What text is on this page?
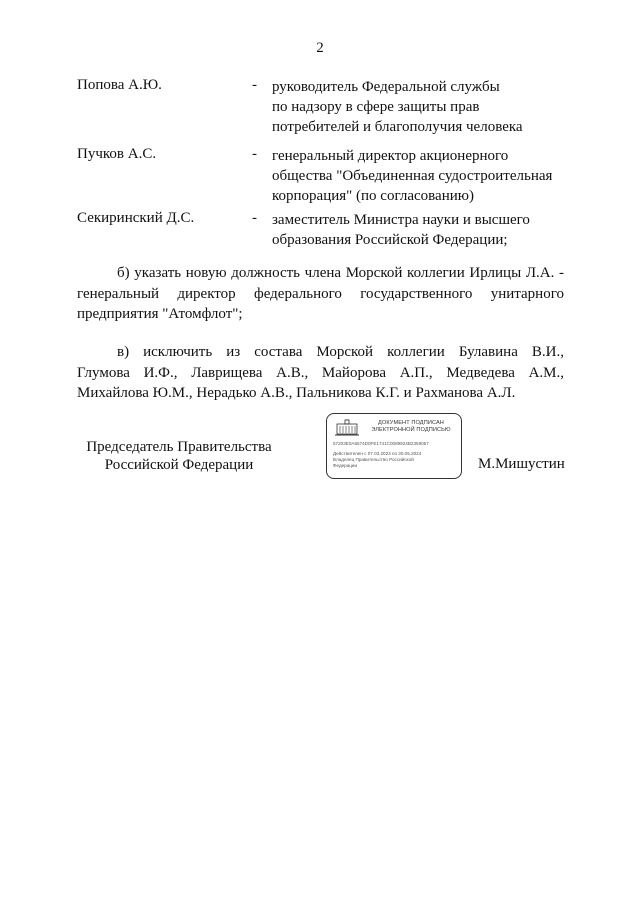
2
Попова А.Ю.	- руководитель Федеральной службы
по надзору в сфере защиты прав
потребителей и благополучия человека
Пучков А.С.	- генеральный директор акционерного
общества "Объединенная судостроительная
корпорация" (по согласованию)
Секиринский Д.С.	- заместитель Министра науки и высшего
образования Российской Федерации;
б) указать новую должность члена Морской коллегии Ирлицы Л.А. -
генеральный директор федерального государственного унитарного
предприятия "Атомфлот";
в) исключить из состава Морской коллегии Булавина В.И.,
Глумова И.Ф., Лаврищева А.В., Майорова А.П., Медведева А.М.,
Михайлова Ю.М., Нерадько А.В., Пальникова К.Г. и Рахманова А.Л.
Председатель Правительства
Российской Федерации
ДОКУМЕНТ ПОДПИСАН
ЭЛЕКТРОННОЙ ПОДПИСЬЮ
57203E0A6574D0FE1741C0089924B2359057
Действителен с 07.03.2023 по 30.05.2024
Владелец Правительство Российской
Федерации	М.Мишустин
